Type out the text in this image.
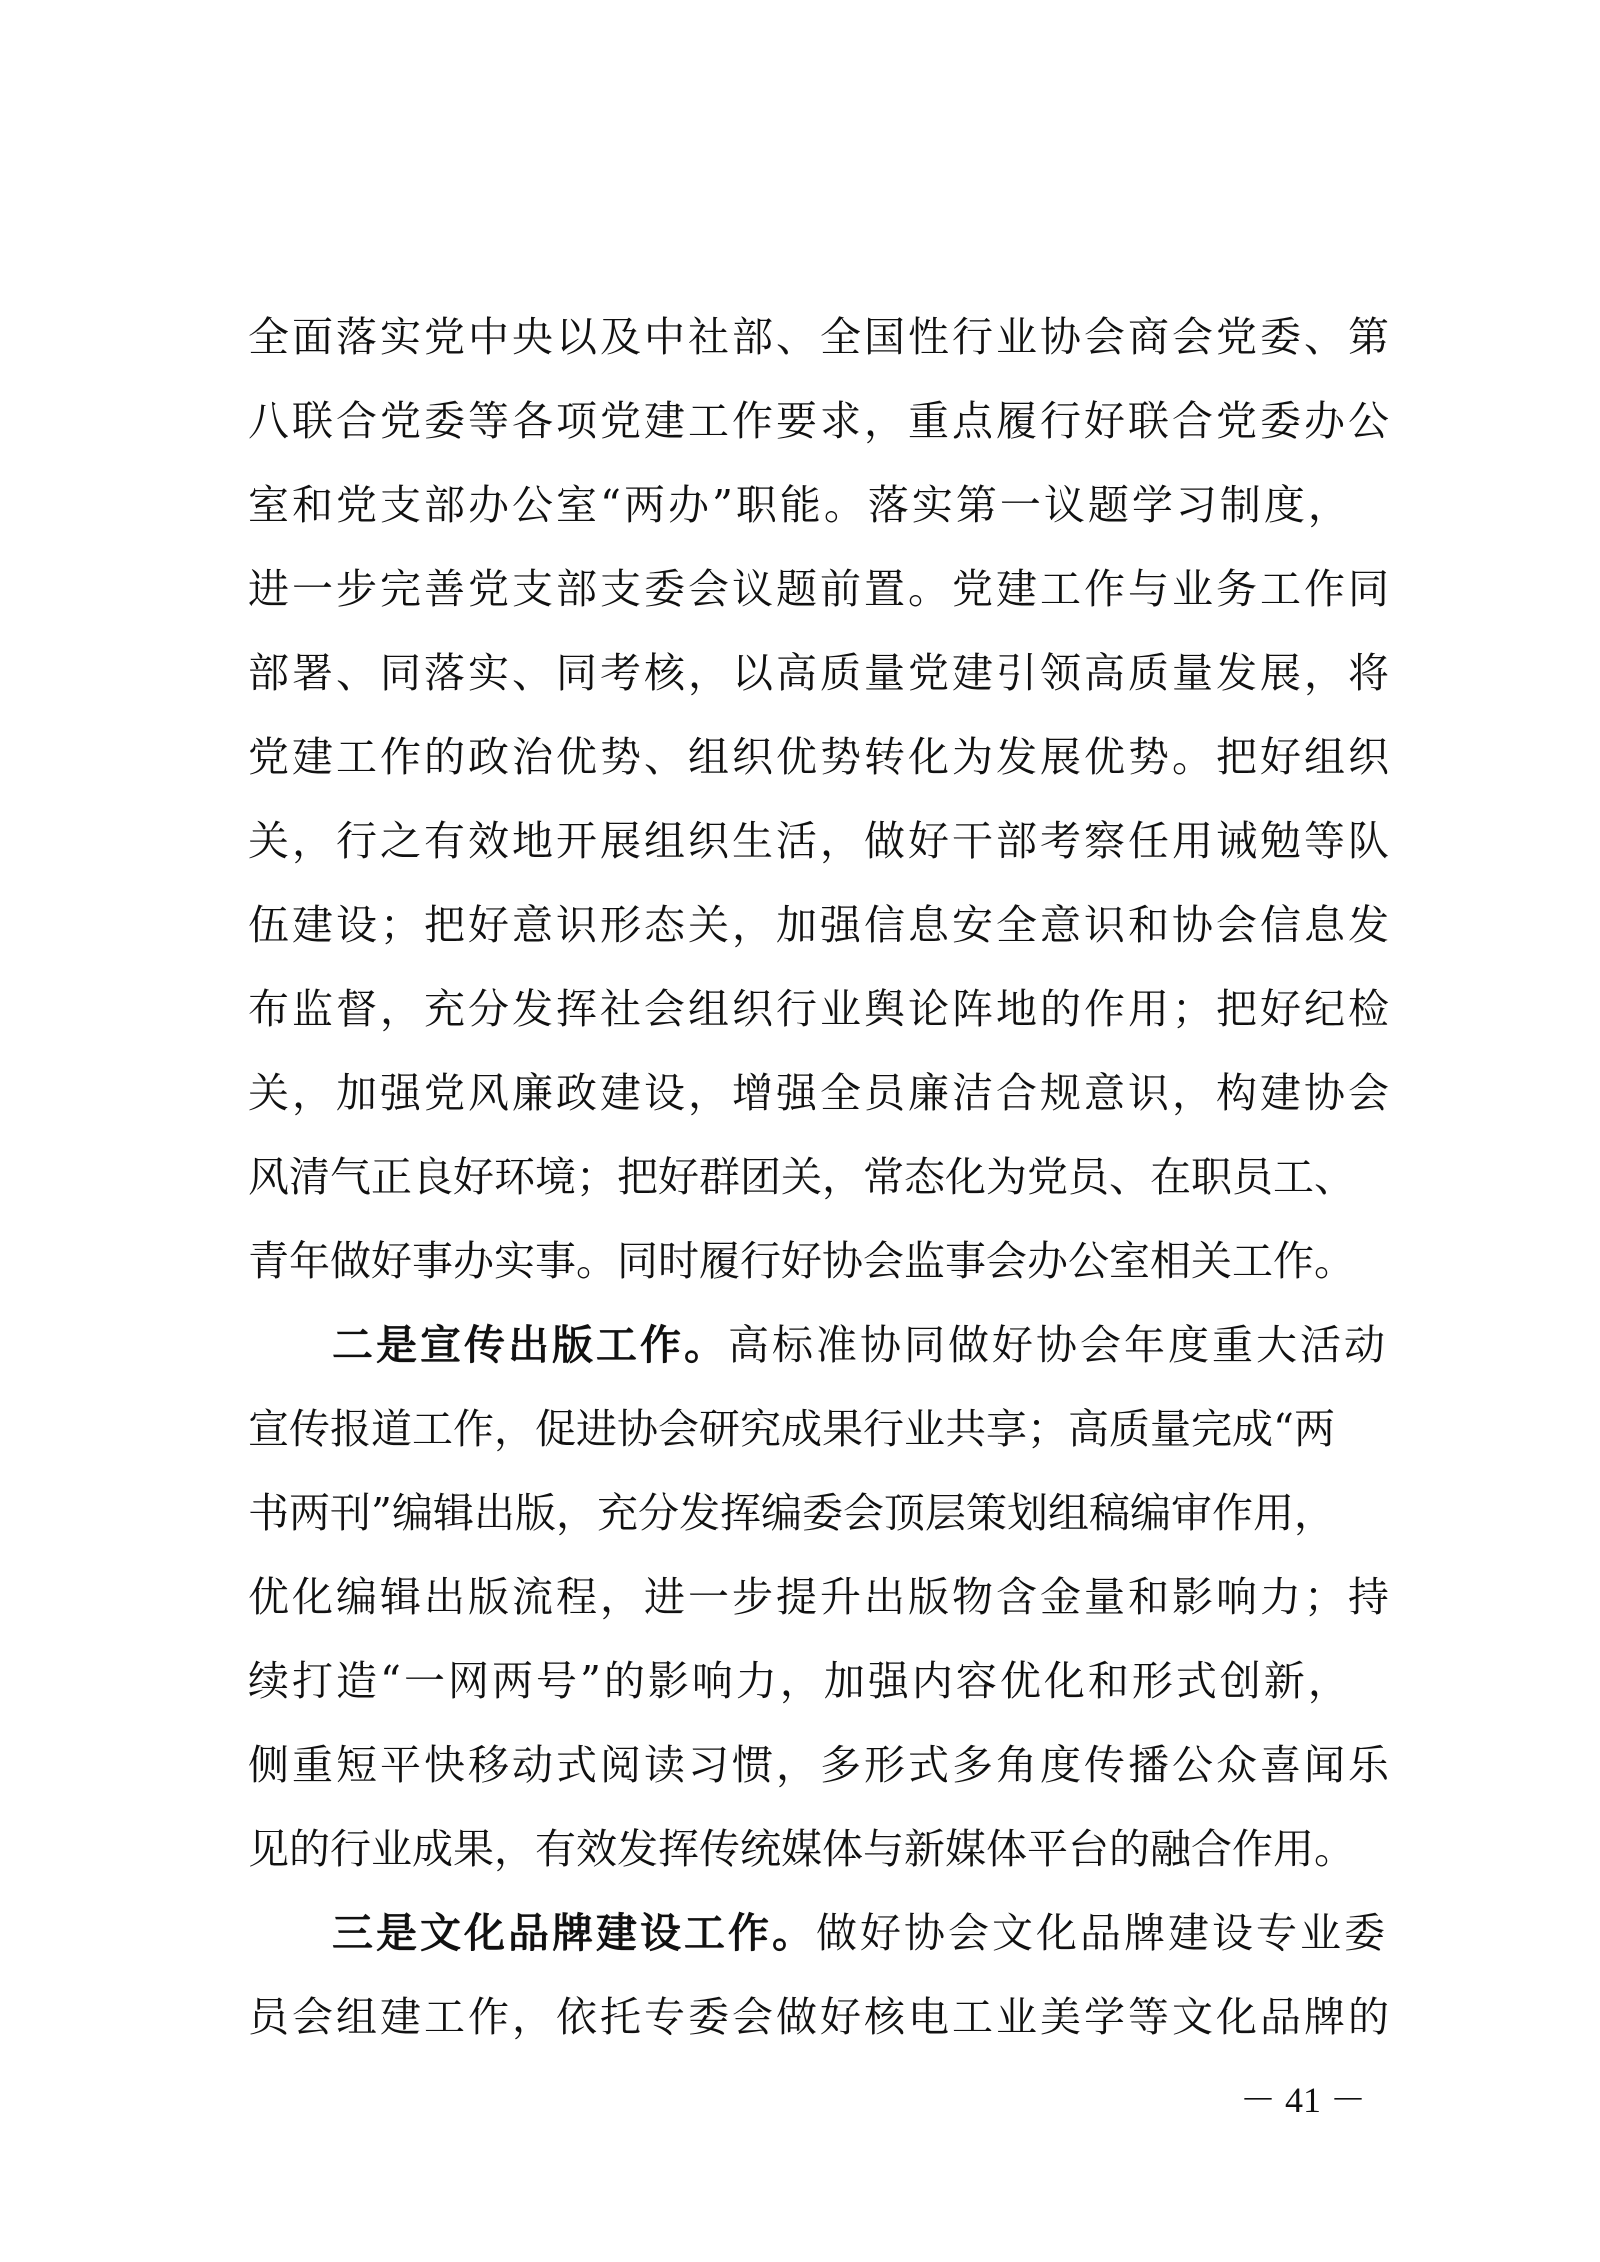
全面落实党中央以及中社部、全国性行业协会商会党委、第
八联合党委等各项党建工作要求，重点履行好联合党委办公
室和党支部办公室“两办”职能。落实第一议题学习制度，
进一步完善党支部支委会议题前置。党建工作与业务工作同
部署、同落实、同考核，以高质量党建引领高质量发展，将
党建工作的政治优势、组织优势转化为发展优势。把好组织
关，行之有效地开展组织生活，做好干部考察任用诫勉等队
伍建设；把好意识形态关，加强信息安全意识和协会信息发
布监督，充分发挥社会组织行业舆论阵地的作用；把好纪检
关，加强党风廉政建设，增强全员廉洁合规意识，构建协会
风清气正良好环境；把好群团关，常态化为党员、在职员工、
青年做好事办实事。同时履行好协会监事会办公室相关工作。
二是宣传出版工作。高标准协同做好协会年度重大活动
宣传报道工作，促进协会研究成果行业共享；高质量完成“两
书两刊”编辑出版，充分发挥编委会顶层策划组稿编审作用，
优化编辑出版流程，进一步提升出版物含金量和影响力；持
续打造“一网两号”的影响力，加强内容优化和形式创新，
侧重短平快移动式阅读习惯，多形式多角度传播公众喜闻乐
见的行业成果，有效发挥传统媒体与新媒体平台的融合作用。
三是文化品牌建设工作。做好协会文化品牌建设专业委
员会组建工作，依托专委会做好核电工业美学等文化品牌的
－ 41 －
